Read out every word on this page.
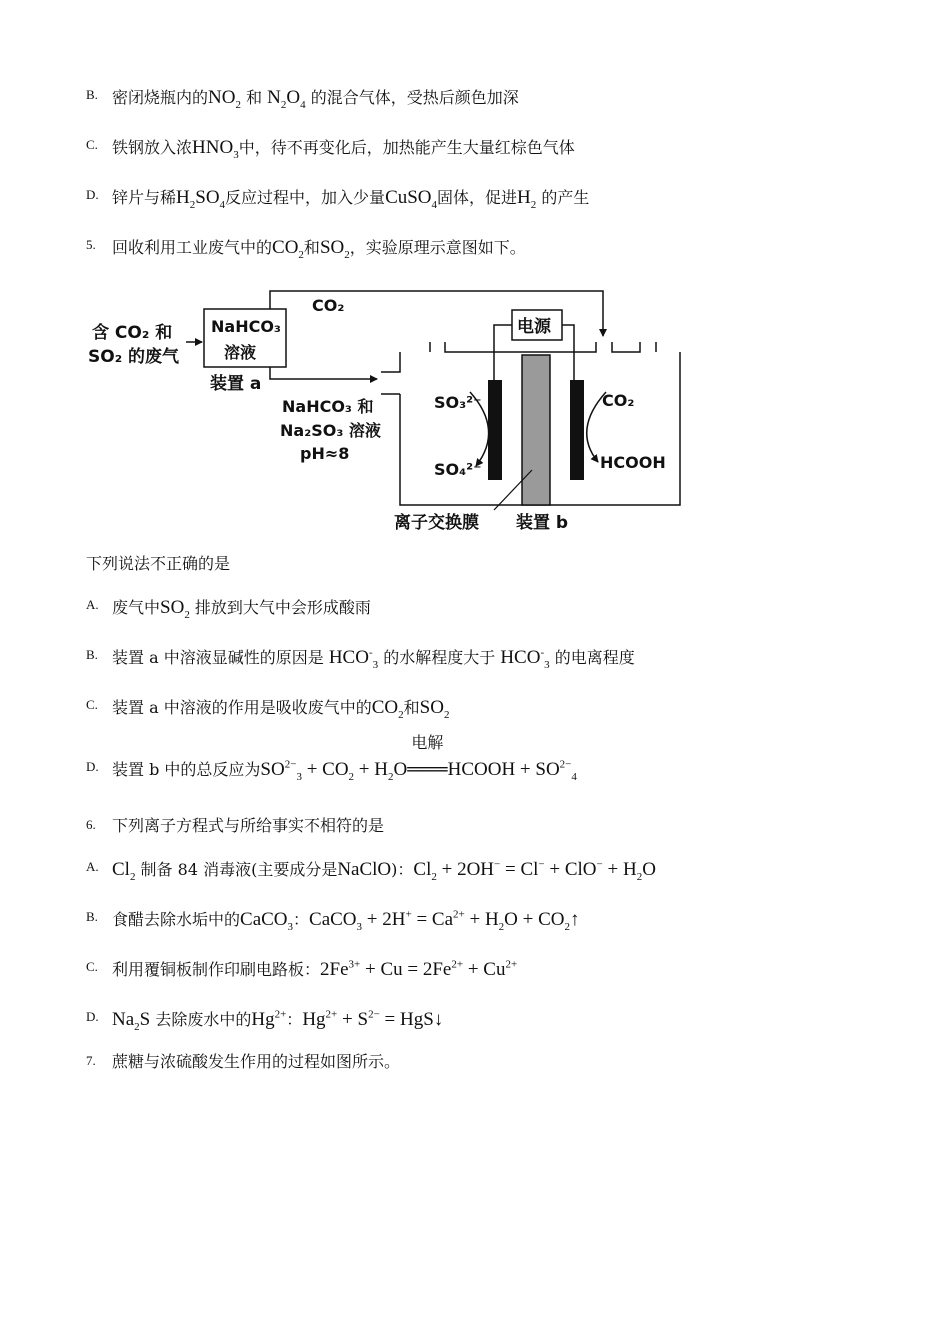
B. 密闭烧瓶内的$NO_2$ 和 $N_2O_4$ 的混合气体，受热后颜色加深
C. 铁钢放入浓$HNO_3$中，待不再变化后，加热能产生大量红棕色气体
D. 锌片与稀$H_2SO_4$反应过程中，加入少量CuSO$_4$固体，促进$H_2$ 的产生
5. 回收利用工业废气中的$CO_2$和$SO_2$，实验原理示意图如下。
含 CO₂ 和
SO₂ 的废气
NaHCO₃
溶液
装置 a
CO₂
NaHCO₃ 和
Na₂SO₃ 溶液
pH≈8
电源
SO₃²⁻
SO₄²⁻
CO₂
HCOOH
离子交换膜 装置 b
下列说法不正确的是
A. 废气中$SO_2$ 排放到大气中会形成酸雨
B. 装置 a 中溶液显碱性的原因是 $HCO^-_3$ 的水解程度大于 $HCO^-_3$ 的电离程度
C. 装置 a 中溶液的作用是吸收废气中的$CO_2$和$SO_2$
D. 装置 b 中的总反应为$SO^{2-}_3 + CO_2 + H_2O$
电解
═══HCOOH + $SO^{2-}_4$
6. 下列离子方程式与所给事实不相符的是
A. $Cl_2$ 制备 84 消毒液(主要成分是NaClO)：$Cl_2 + 2OH^- = Cl^- + ClO^- + H_2O$
B. 食醋去除水垢中的CaCO$_3$：CaCO$_3$ + $2H^+ = Ca^{2+} + H_2O$ + $CO_2↑$
C. 利用覆铜板制作印刷电路板：$2Fe^{3+} + Cu = 2Fe^{2+} + Cu^{2+}$
D. $Na_2S$ 去除废水中的$Hg^{2+}$：$Hg^{2+} + S^{2-}$ = HgS↓
7. 蔗糖与浓硫酸发生作用的过程如图所示。
